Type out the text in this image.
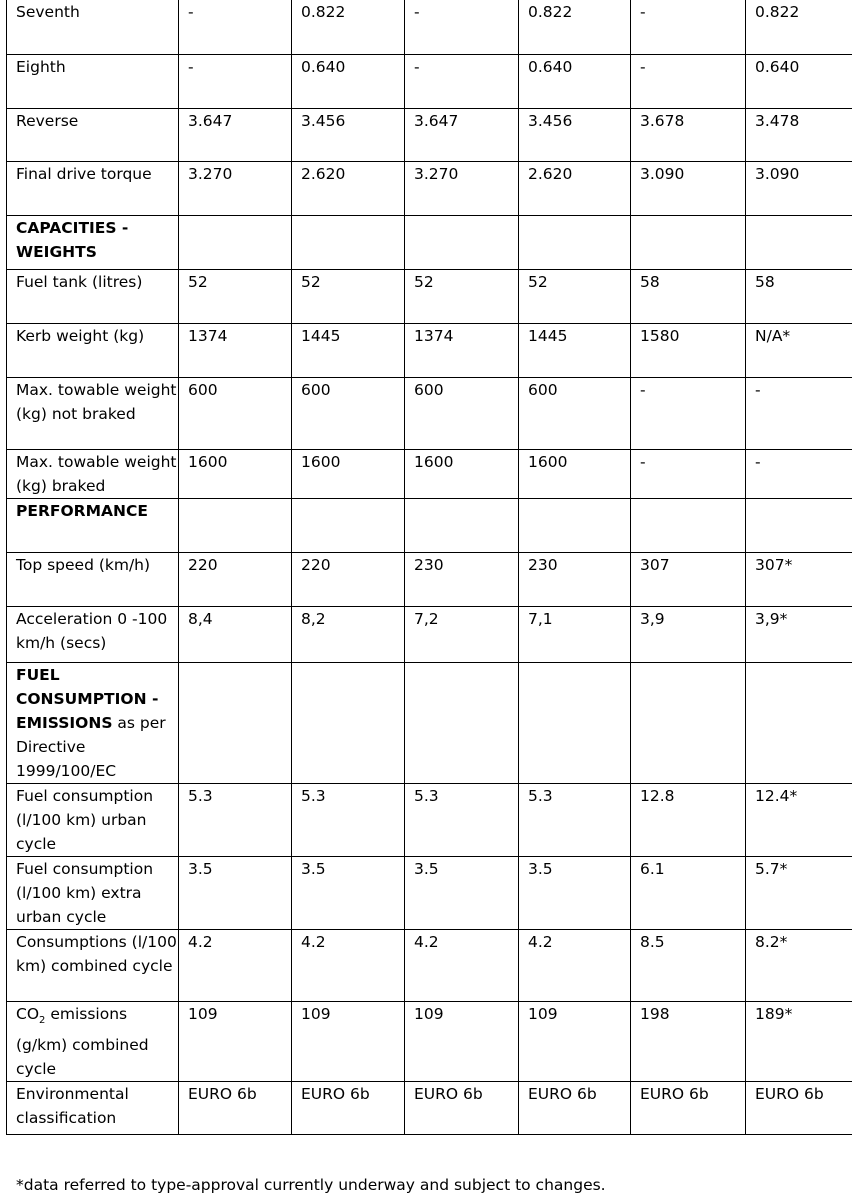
Seventh	-	0.822	-	0.822	-	0.822
Eighth	-	0.640	-	0.640	-	0.640
Reverse	3.647	3.456	3.647	3.456	3.678	3.478
Final drive torque	3.270	2.620	3.270	2.620	3.090	3.090
CAPACITIES - WEIGHTS						
Fuel tank (litres)	52	52	52	52	58	58
Kerb weight (kg)	1374	1445	1374	1445	1580	N/A*
Max. towable weight (kg) not braked	600	600	600	600	-	-
Max. towable weight (kg) braked	1600	1600	1600	1600	-	-
PERFORMANCE						
Top speed (km/h)	220	220	230	230	307	307*
Acceleration 0 -100 km/h (secs)	8,4	8,2	7,2	7,1	3,9	3,9*
FUEL CONSUMPTION - EMISSIONS as per Directive 1999/100/EC						
Fuel consumption (l/100 km) urban cycle	5.3	5.3	5.3	5.3	12.8	12.4*
Fuel consumption (l/100 km) extra urban cycle	3.5	3.5	3.5	3.5	6.1	5.7*
Consumptions (l/100 km) combined cycle	4.2	4.2	4.2	4.2	8.5	8.2*
$CO_2$ emissions (g/km) combined cycle	109	109	109	109	198	189*
Environmental classification	EURO 6b	EURO 6b	EURO 6b	EURO 6b	EURO 6b	EURO 6b
*data referred to type-approval currently underway and subject to changes.
